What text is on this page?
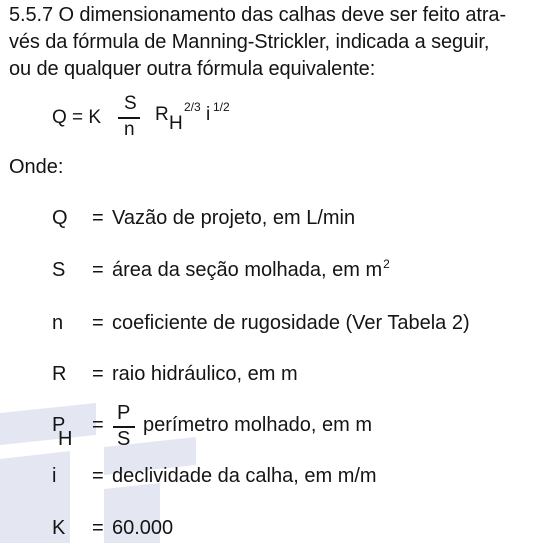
5.5.7 O dimensionamento das calhas deve ser feito atra-
vés da fórmula de Manning-Strickler, indicada a seguir,
ou de qualquer outra fórmula equivalente:
Q = K
S
n
R H
2/3 i 1/2
Onde:
Q = Vazão de projeto, em L/min
S = área da seção molhada, em $m^2$
n = coeficiente de rugosidade (Ver Tabela 2)
R = raio hidráulico, em m
P
H
=
P
S
perímetro molhado, em m
i = declividade da calha, em m/m
K = 60.000
